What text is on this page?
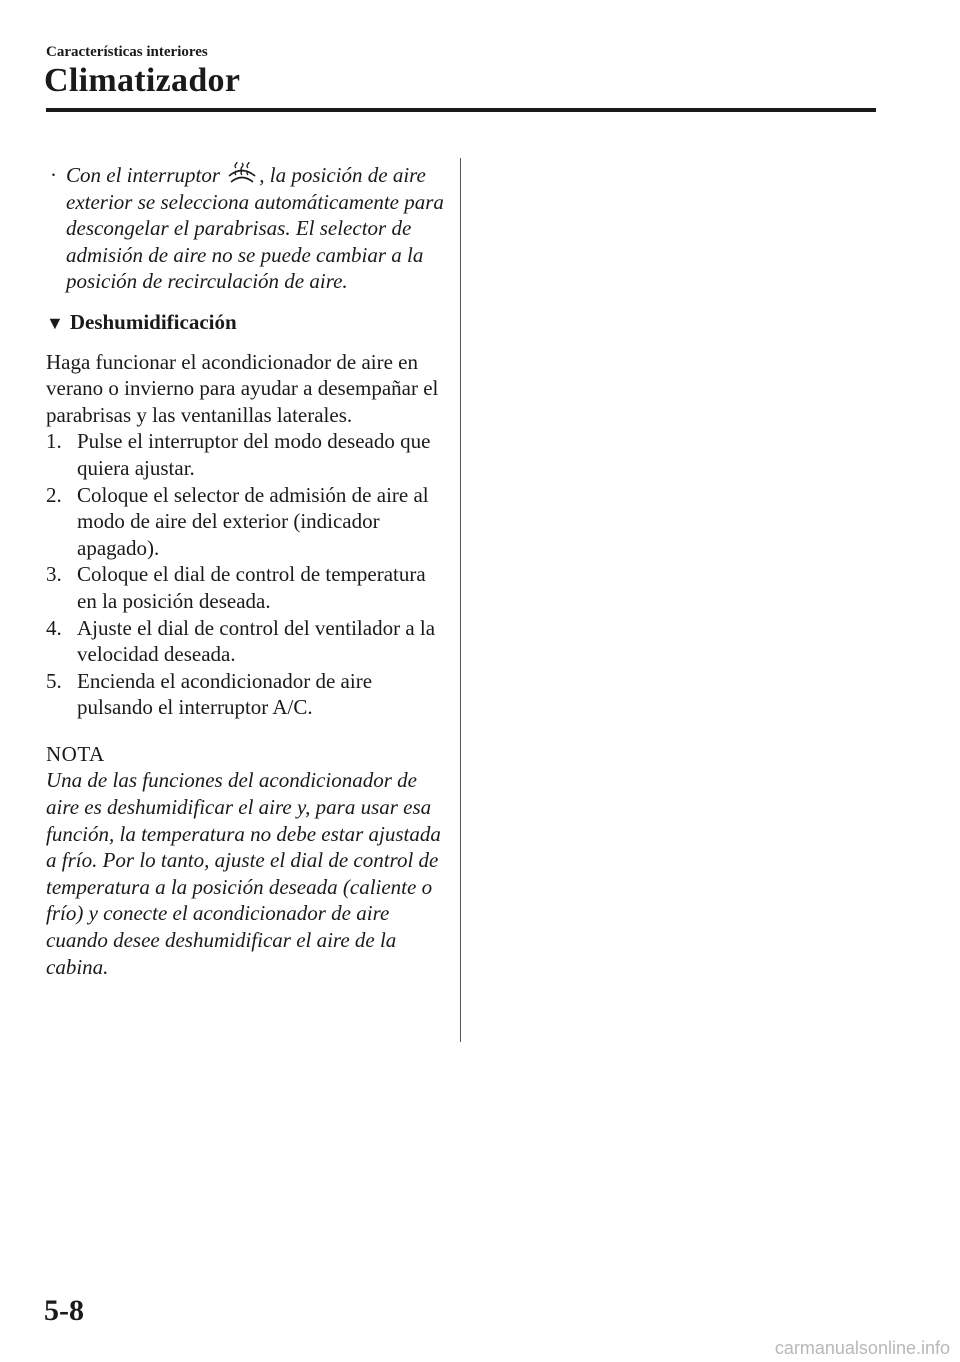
Características interiores
Climatizador
· Con el interruptor , la posición de aire exterior se selecciona automáticamente para descongelar el parabrisas. El selector de admisión de aire no se puede cambiar a la posición de recirculación de aire.
▼ Deshumidificación
Haga funcionar el acondicionador de aire en verano o invierno para ayudar a desempañar el parabrisas y las ventanillas laterales.
1. Pulse el interruptor del modo deseado que quiera ajustar.
2. Coloque el selector de admisión de aire al modo de aire del exterior (indicador apagado).
3. Coloque el dial de control de temperatura en la posición deseada.
4. Ajuste el dial de control del ventilador a la velocidad deseada.
5. Encienda el acondicionador de aire pulsando el interruptor A/C.
NOTA
Una de las funciones del acondicionador de aire es deshumidificar el aire y, para usar esa función, la temperatura no debe estar ajustada a frío. Por lo tanto, ajuste el dial de control de temperatura a la posición deseada (caliente o frío) y conecte el acondicionador de aire cuando desee deshumidificar el aire de la cabina.
5-8
carmanualsonline.info
